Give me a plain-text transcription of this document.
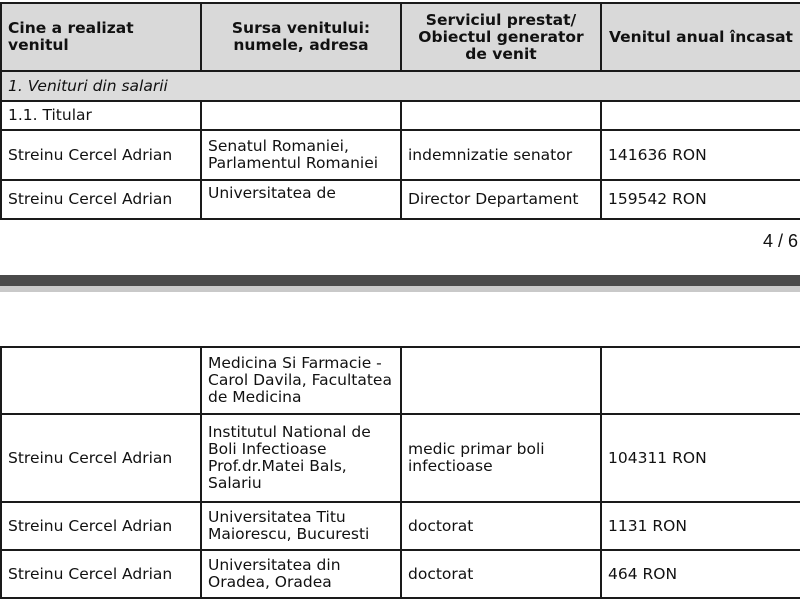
Cine a realizat venitul	Sursa venitului: numele, adresa	Serviciul prestat/ Obiectul generator de venit	Venitul anual încasat
1. Venituri din salarii			
1.1. Titular			
Streinu Cercel Adrian	Senatul Romaniei, Parlamentul Romaniei	indemnizatie senator	141636 RON
Streinu Cercel Adrian	Universitatea de	Director Departament	159542 RON
4 / 6
	Medicina Si Farmacie - Carol Davila, Facultatea de Medicina		
Streinu Cercel Adrian	Institutul National de Boli Infectioase Prof.dr.Matei Bals, Salariu	medic primar boli infectioase	104311 RON
Streinu Cercel Adrian	Universitatea Titu Maiorescu, Bucuresti	doctorat	1131 RON
Streinu Cercel Adrian	Universitatea din Oradea, Oradea	doctorat	464 RON
